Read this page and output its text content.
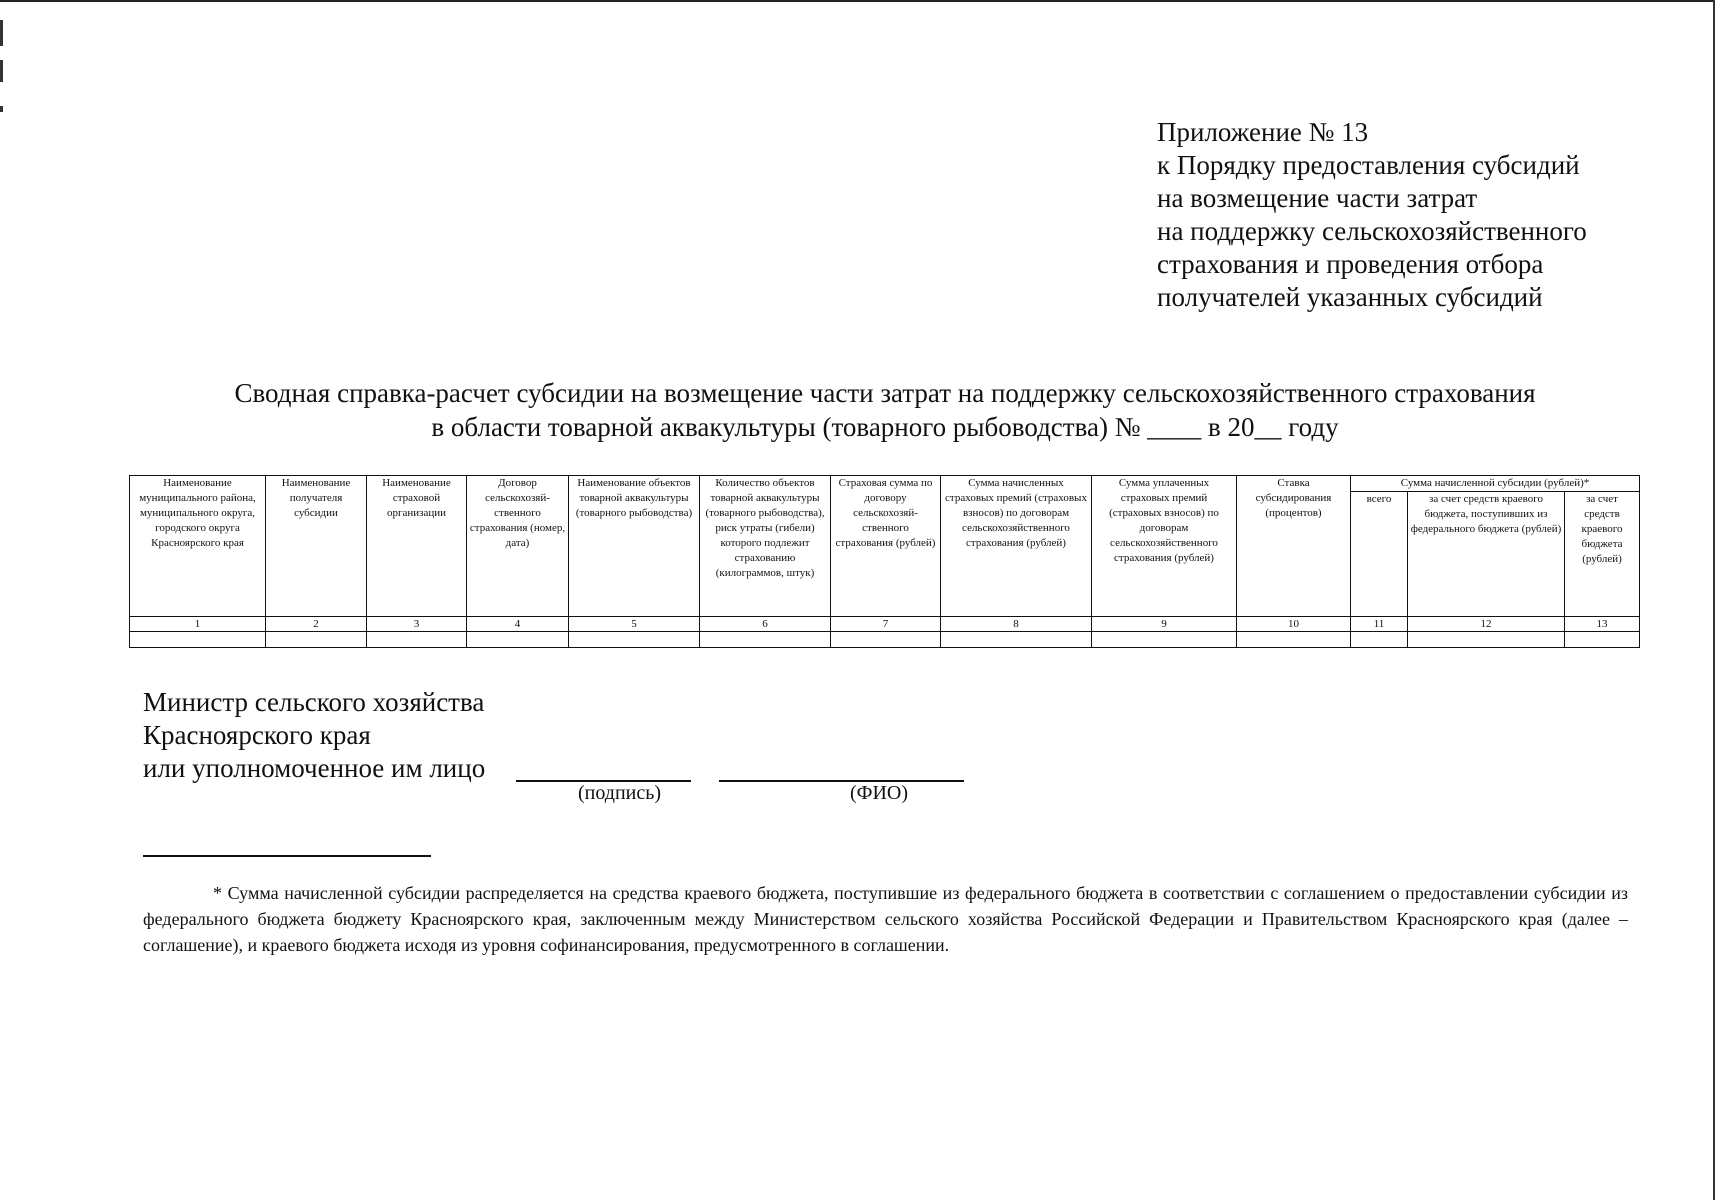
Приложение № 13
к Порядку предоставления субсидий
на возмещение части затрат
на поддержку сельскохозяйственного
страхования и проведения отбора
получателей указанных субсидий
Сводная справка-расчет субсидии на возмещение части затрат на поддержку сельскохозяйственного страхования
в области товарной аквакультуры (товарного рыбоводства) № ____ в 20__ году
Наименование муниципального района, муниципального округа, городского округа Красноярского края	Наименование получателя субсидии	Наименование страховой организации	Договор сельскохозяй-ственного страхования (номер, дата)	Наименование объектов товарной аквакультуры (товарного рыбоводства)	Количество объектов товарной аквакультуры (товарного рыбоводства), риск утраты (гибели) которого подлежит страхованию (килограммов, штук)	Страховая сумма по договору сельскохозяй-ственного страхования (рублей)	Сумма начисленных страховых премий (страховых взносов) по договорам сельскохозяйственного страхования (рублей)	Сумма уплаченных страховых премий (страховых взносов) по договорам сельскохозяйственного страхования (рублей)	Ставка субсидирования (процентов)	Сумма начисленной субсидии (рублей)*		
										всего	за счет средств краевого бюджета, поступивших из федерального бюджета (рублей)	за счет средств краевого бюджета (рублей)
1	2	3	4	5	6	7	8	9	10	11	12	13

Министр сельского хозяйства
Красноярского края
или уполномоченное им лицо
(подпись)	(ФИО)

* Сумма начисленной субсидии распределяется на средства краевого бюджета, поступившие из федерального бюджета в соответствии с соглашением о предоставлении субсидии из федерального бюджета бюджету Красноярского края, заключенным между Министерством сельского хозяйства Российской Федерации и Правительством Красноярского края (далее – соглашение), и краевого бюджета исходя из уровня софинансирования, предусмотренного в соглашении.
